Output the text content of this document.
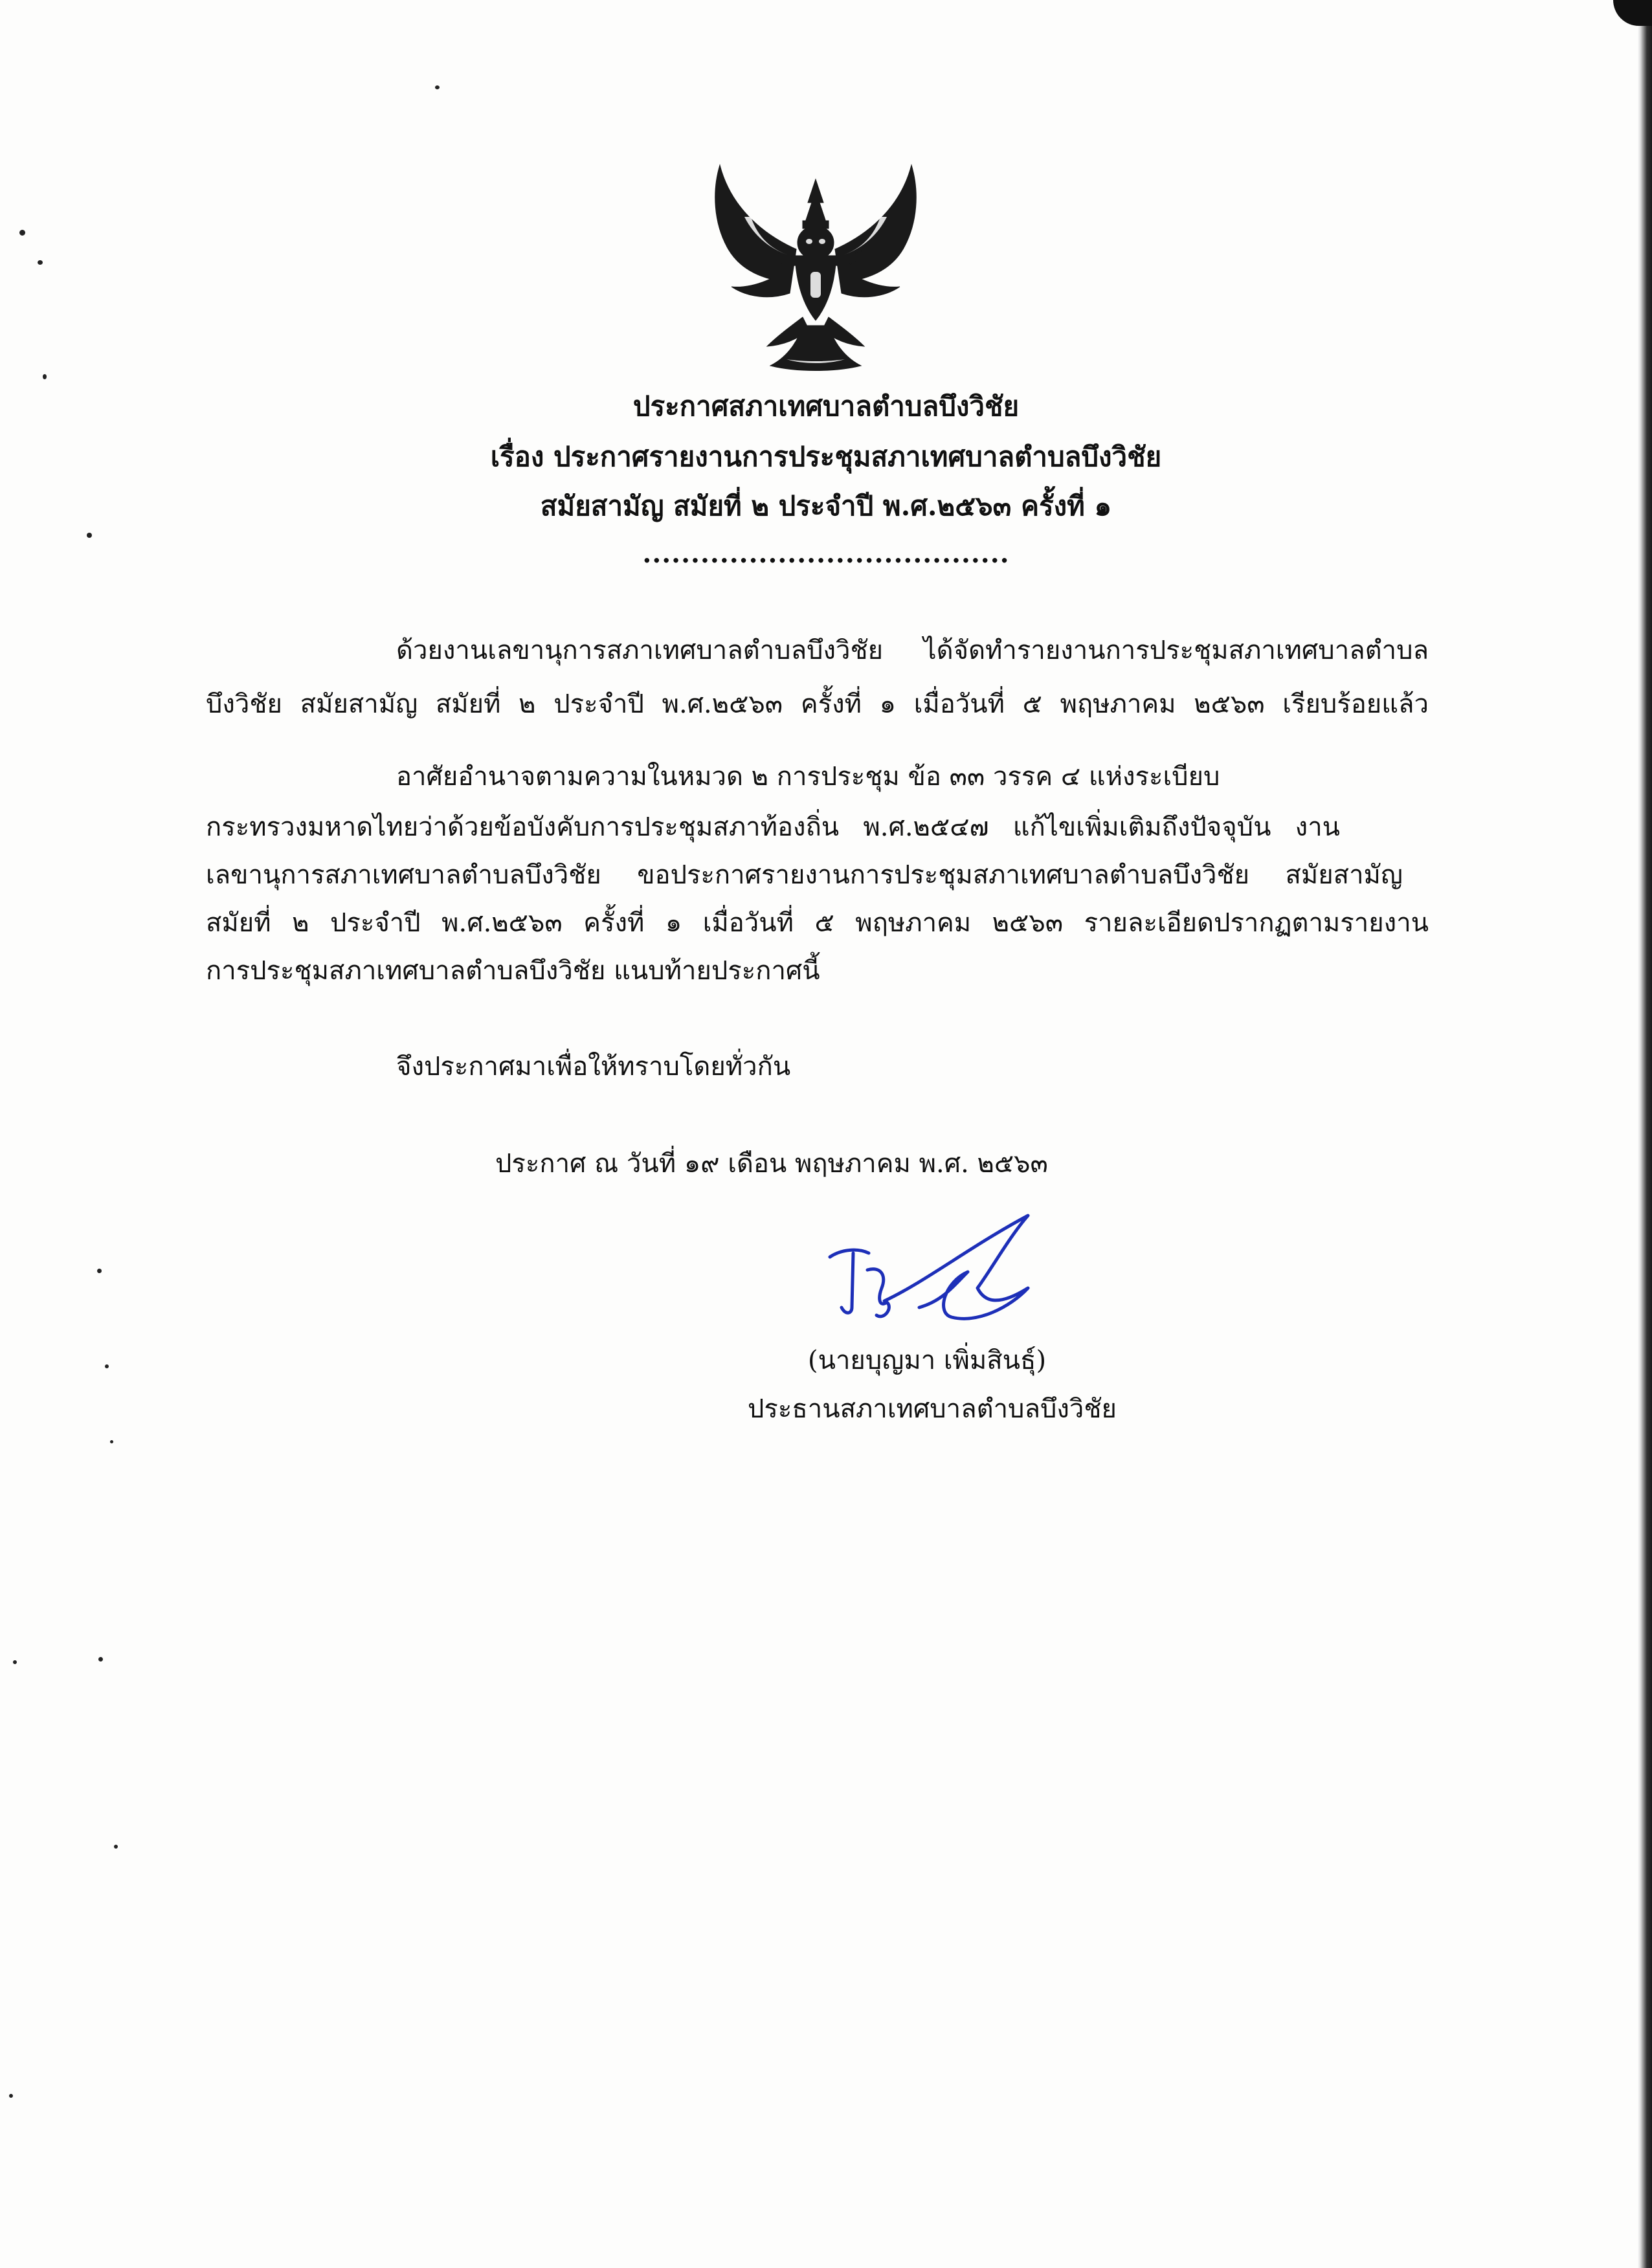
ประกาศสภาเทศบาลตำบลบึงวิชัย
เรื่อง ประกาศรายงานการประชุมสภาเทศบาลตำบลบึงวิชัย
สมัยสามัญ สมัยที่ ๒ ประจำปี พ.ศ.๒๕๖๓ ครั้งที่ ๑
......................................
ด้วยงานเลขานุการสภาเทศบาลตำบลบึงวิชัย ได้จัดทำรายงานการประชุมสภาเทศบาลตำบล
บึงวิชัย สมัยสามัญ สมัยที่ ๒ ประจำปี พ.ศ.๒๕๖๓ ครั้งที่ ๑ เมื่อวันที่ ๕ พฤษภาคม ๒๕๖๓ เรียบร้อยแล้ว
อาศัยอำนาจตามความในหมวด ๒ การประชุม ข้อ ๓๓ วรรค ๔ แห่งระเบียบ
กระทรวงมหาดไทยว่าด้วยข้อบังคับการประชุมสภาท้องถิ่น พ.ศ.๒๕๔๗ แก้ไขเพิ่มเติมถึงปัจจุบัน งาน
เลขานุการสภาเทศบาลตำบลบึงวิชัย ขอประกาศรายงานการประชุมสภาเทศบาลตำบลบึงวิชัย สมัยสามัญ
สมัยที่ ๒ ประจำปี พ.ศ.๒๕๖๓ ครั้งที่ ๑ เมื่อวันที่ ๕ พฤษภาคม ๒๕๖๓ รายละเอียดปรากฏตามรายงาน
การประชุมสภาเทศบาลตำบลบึงวิชัย แนบท้ายประกาศนี้
จึงประกาศมาเพื่อให้ทราบโดยทั่วกัน
ประกาศ ณ วันที่ ๑๙ เดือน พฤษภาคม พ.ศ. ๒๕๖๓
(นายบุญมา เพิ่มสินธุ์)
ประธานสภาเทศบาลตำบลบึงวิชัย
